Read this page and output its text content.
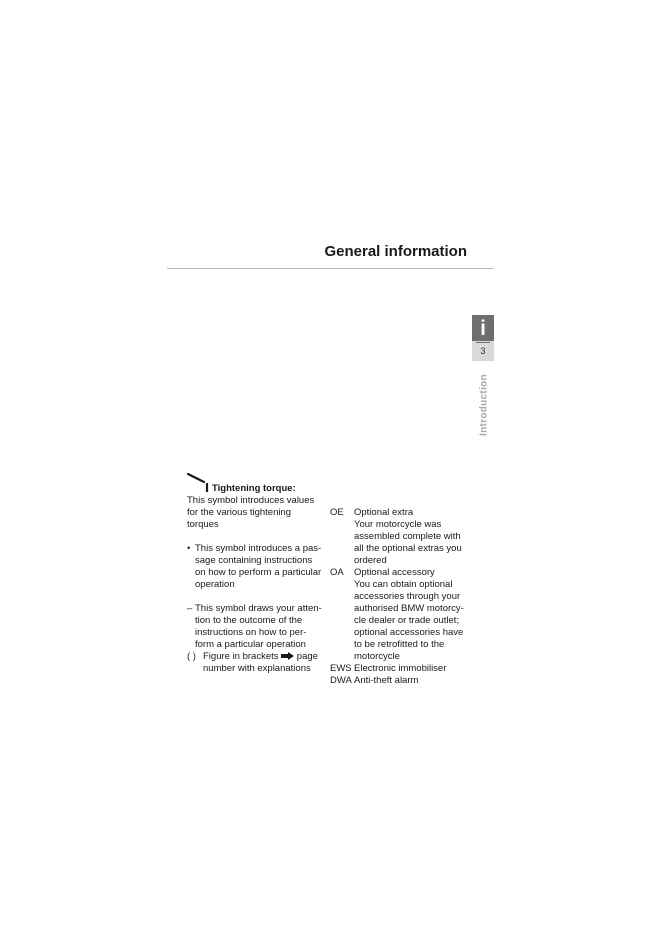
General information
i
3
Introduction
Tightening torque:
This symbol introduces values
for the various tightening
torques
• This symbol introduces a pas-
sage containing instructions
on how to perform a particular
operation
– This symbol draws your atten-
tion to the outcome of the
instructions on how to per-
form a particular operation
( ) Figure in brackets page
number with explanations
OE	Optional extra
Your motorcycle was
assembled complete with
all the optional extras you
ordered
OA	Optional accessory
You can obtain optional
accessories through your
authorised BMW motorcy-
cle dealer or trade outlet;
optional accessories have
to be retrofitted to the
motorcycle
EWS Electronic immobiliser
DWA Anti-theft alarm
